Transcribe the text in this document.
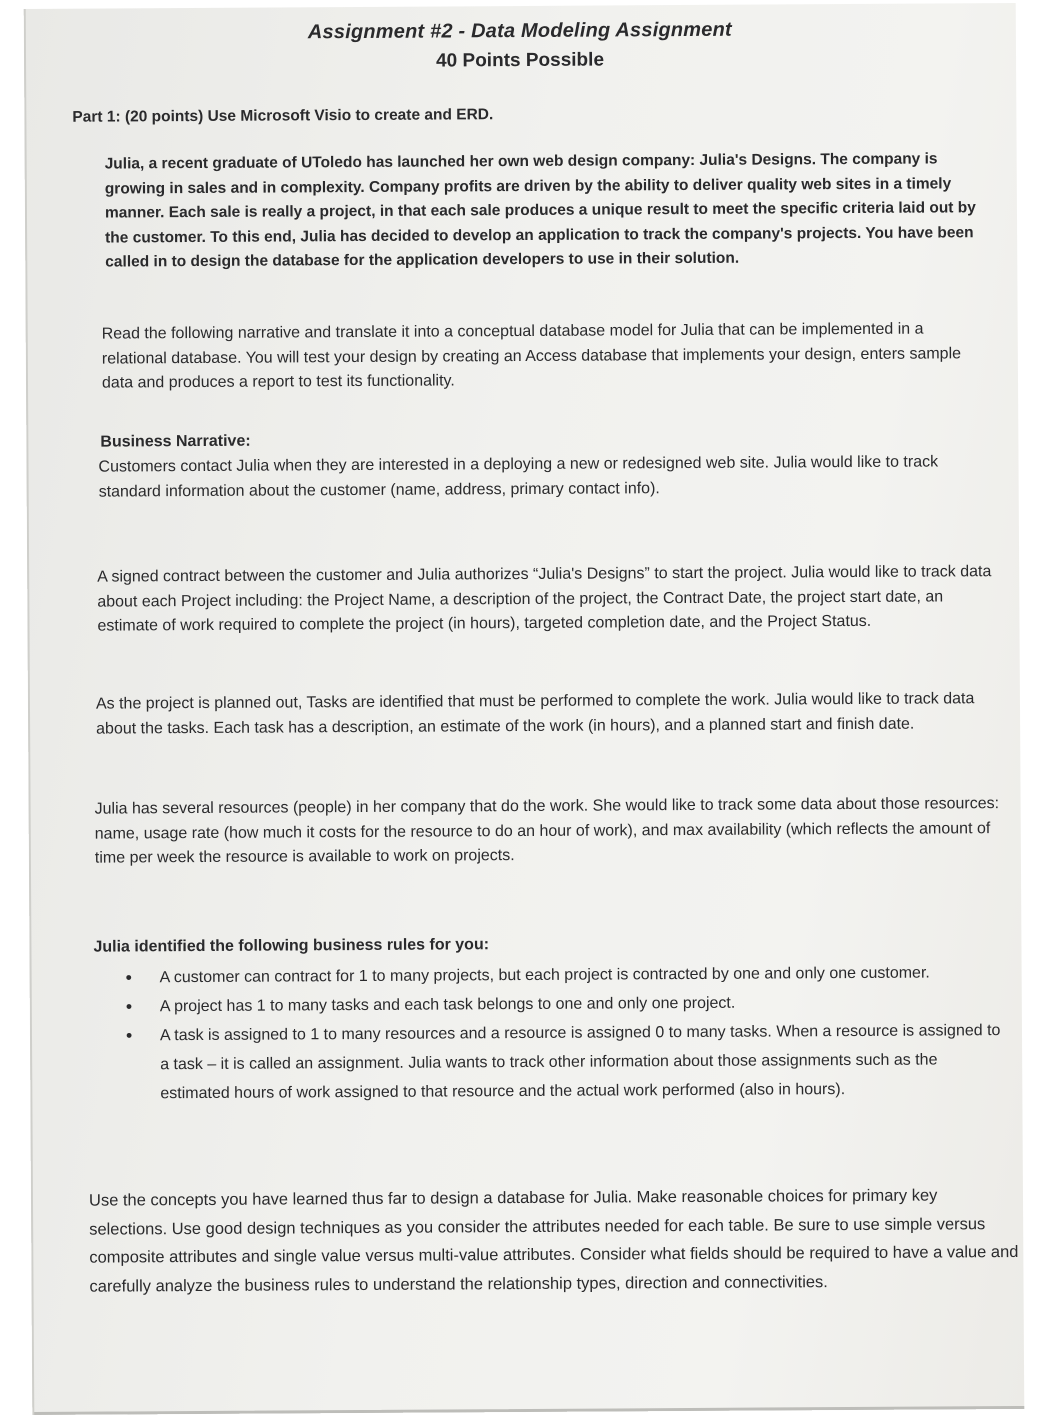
Assignment #2 - Data Modeling Assignment
40 Points Possible
Part 1: (20 points) Use Microsoft Visio to create and ERD.

Julia, a recent graduate of UToledo has launched her own web design company: Julia's Designs. The company is growing in sales and in complexity. Company profits are driven by the ability to deliver quality web sites in a timely manner. Each sale is really a project, in that each sale produces a unique result to meet the specific criteria laid out by the customer. To this end, Julia has decided to develop an application to track the company's projects. You have been called in to design the database for the application developers to use in their solution.

Read the following narrative and translate it into a conceptual database model for Julia that can be implemented in a relational database. You will test your design by creating an Access database that implements your design, enters sample data and produces a report to test its functionality.

Business Narrative:

Customers contact Julia when they are interested in a deploying a new or redesigned web site. Julia would like to track standard information about the customer (name, address, primary contact info).

A signed contract between the customer and Julia authorizes “Julia's Designs” to start the project. Julia would like to track data about each Project including: the Project Name, a description of the project, the Contract Date, the project start date, an estimate of work required to complete the project (in hours), targeted completion date, and the Project Status.

As the project is planned out, Tasks are identified that must be performed to complete the work. Julia would like to track data about the tasks. Each task has a description, an estimate of the work (in hours), and a planned start and finish date.

Julia has several resources (people) in her company that do the work. She would like to track some data about those resources: name, usage rate (how much it costs for the resource to do an hour of work), and max availability (which reflects the amount of time per week the resource is available to work on projects.

Julia identified the following business rules for you:
• A customer can contract for 1 to many projects, but each project is contracted by one and only one customer.
• A project has 1 to many tasks and each task belongs to one and only one project.
• A task is assigned to 1 to many resources and a resource is assigned 0 to many tasks. When a resource is assigned to a task – it is called an assignment. Julia wants to track other information about those assignments such as the estimated hours of work assigned to that resource and the actual work performed (also in hours).

Use the concepts you have learned thus far to design a database for Julia. Make reasonable choices for primary key selections. Use good design techniques as you consider the attributes needed for each table. Be sure to use simple versus composite attributes and single value versus multi-value attributes. Consider what fields should be required to have a value and carefully analyze the business rules to understand the relationship types, direction and connectivities.
